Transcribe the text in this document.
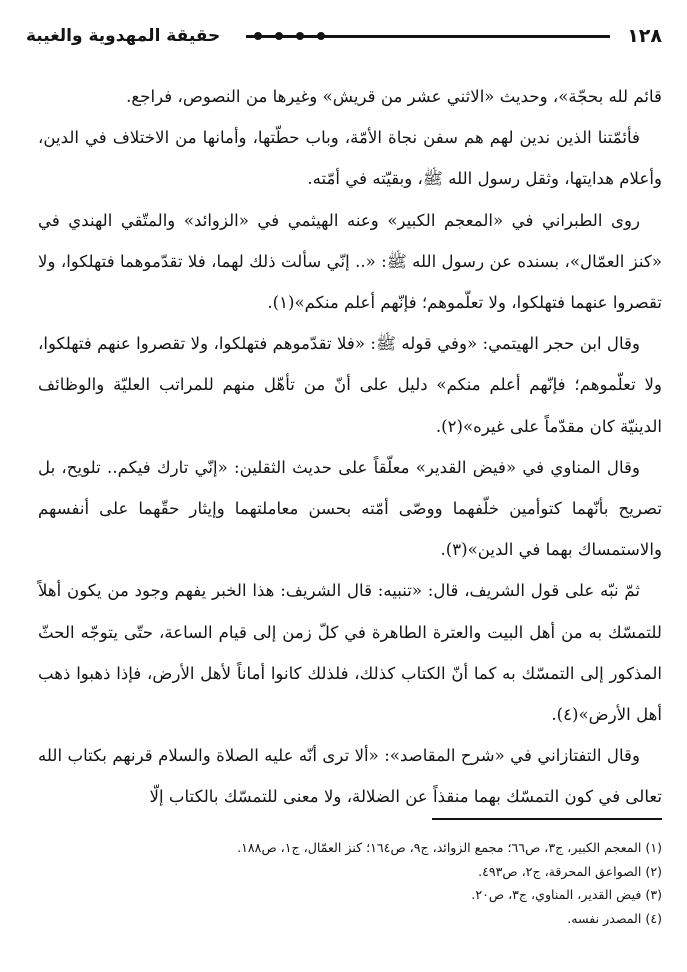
١٢٨
حقيقة المهدوية والغيبة

قائم لله بحجّة»، وحديث «الاثني عشر من قريش» وغيرها من النصوص، فراجع.

فأئمّتنا الذين ندين لهم هم سفن نجاة الأمّة، وباب حطّتها، وأمانها من الاختلاف في الدين، وأعلام هدايتها، وثقل رسول الله ﷺ، وبقيّته في أمّته.

روى الطبراني في «المعجم الكبير» وعنه الهيثمي في «الزوائد» والمتّقي الهندي في «كنز العمّال»، بسنده عن رسول الله ﷺ: «.. إنّي سألت ذلك لهما، فلا تقدّموهما فتهلكوا، ولا تقصروا عنهما فتهلكوا، ولا تعلّموهم؛ فإنّهم أعلم منكم»(١).

وقال ابن حجر الهيتمي: «وفي قوله ﷺ: «فلا تقدّموهم فتهلكوا، ولا تقصروا عنهم فتهلكوا، ولا تعلّموهم؛ فإنّهم أعلم منكم» دليل على أنّ من تأهّل منهم للمراتب العليّة والوظائف الدينيّة كان مقدّماً على غيره»(٢).

وقال المناوي في «فيض القدير» معلّقاً على حديث الثقلين: «إنّي تارك فيكم.. تلويح، بل تصريح بأنّهما كتوأمين خلّفهما ووصّى أمّته بحسن معاملتهما وإيثار حقّهما على أنفسهم والاستمساك بهما في الدين»(٣).

ثمّ نبّه على قول الشريف، قال: «تنبيه: قال الشريف: هذا الخبر يفهم وجود من يكون أهلاً للتمسّك به من أهل البيت والعترة الطاهرة في كلّ زمن إلى قيام الساعة، حتّى يتوجّه الحثّ المذكور إلى التمسّك به كما أنّ الكتاب كذلك، فلذلك كانوا أماناً لأهل الأرض، فإذا ذهبوا ذهب أهل الأرض»(٤).

وقال التفتازاني في «شرح المقاصد»: «ألا ترى أنّه عليه الصلاة والسلام قرنهم بكتاب الله تعالى في كون التمسّك بهما منقذاً عن الضلالة، ولا معنى للتمسّك بالكتاب إلّا

(١) المعجم الكبير، ج٣، ص٦٦؛ مجمع الزوائد، ج٩، ص١٦٤؛ كنز العمّال، ج١، ص١٨٨.

(٢) الصواعق المحرقة، ج٢، ص٤٩٣.

(٣) فيض القدير، المناوي، ج٣، ص٢٠.

(٤) المصدر نفسه.
